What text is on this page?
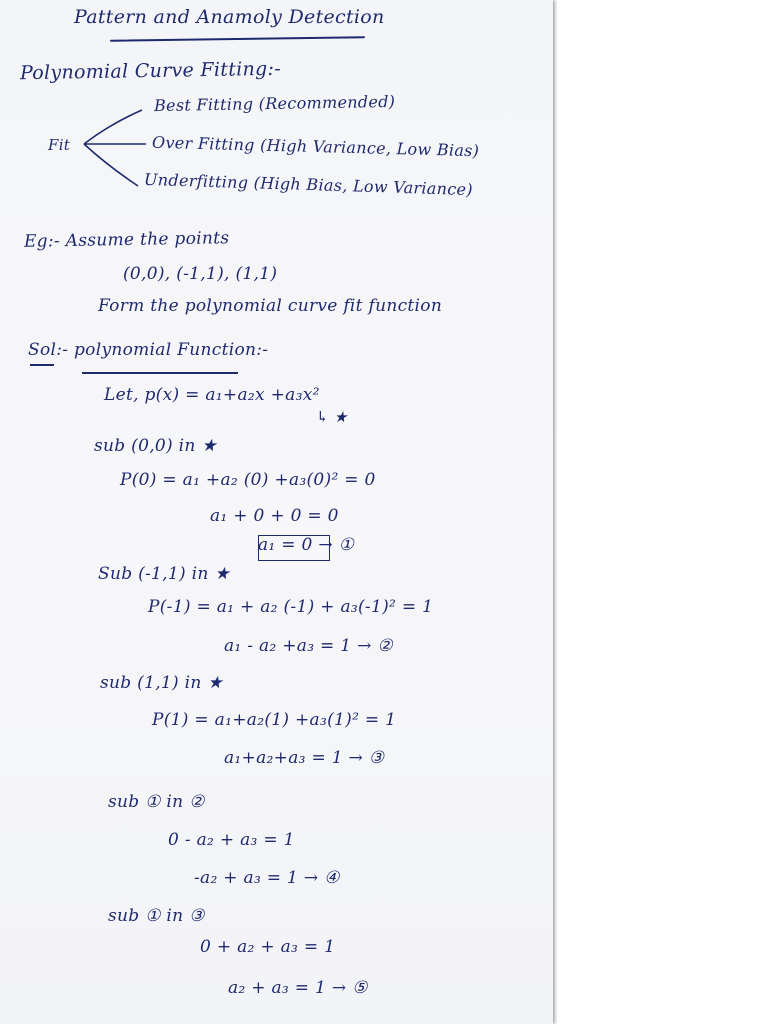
Pattern and Anamoly Detection
Polynomial Curve Fitting:-
Fit
Best Fitting (Recommended)
Over Fitting (High Variance, Low Bias)
Underfitting (High Bias, Low Variance)
Eg:- Assume the points
(0,0), (-1,1), (1,1)
Form the polynomial curve fit function
Sol:- polynomial Function:-
Let, p(x) = a₁+a₂x +a₃x²
↳ ★
sub (0,0) in ★
P(0) = a₁ +a₂ (0) +a₃(0)² = 0
a₁ + 0 + 0 = 0
a₁ = 0 → ①
Sub (-1,1) in ★
P(-1) = a₁ + a₂ (-1) + a₃(-1)² = 1
a₁ - a₂ +a₃ = 1 → ②
sub (1,1) in ★
P(1) = a₁+a₂(1) +a₃(1)² = 1
a₁+a₂+a₃ = 1 → ③
sub ① in ②
0 - a₂ + a₃ = 1
-a₂ + a₃ = 1 → ④
sub ① in ③
0 + a₂ + a₃ = 1
a₂ + a₃ = 1 → ⑤
